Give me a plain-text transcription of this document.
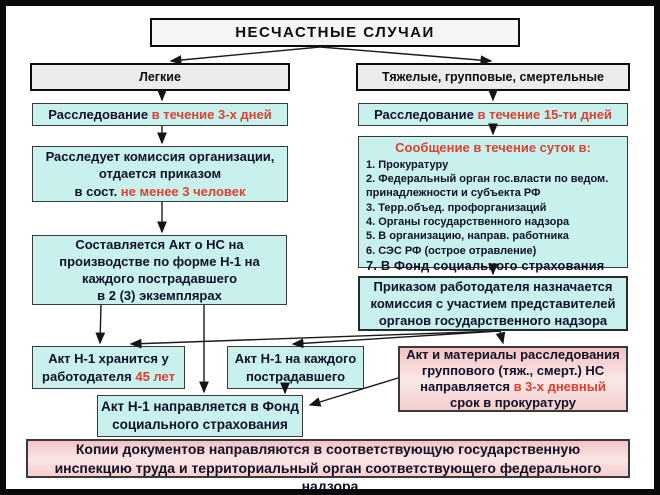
НЕСЧАСТНЫЕ СЛУЧАИ
Легкие	Тяжелые, групповые, смертельные
Расследование в течение 3-х дней	Расследование в течение 15-ти дней
Расследует комиссия организации,
отдается приказом
в сост. не менее 3 человек
Сообщение в течение суток в:
1. Прокуратуру
2. Федеральный орган гос.власти по ведом. принадлежности и субъекта РФ
3. Терр.объед. профорганизаций
4. Органы государственного надзора
5. В организацию, направ. работника
6. СЭС РФ (острое отравление)
7. В Фонд социального страхования
Составляется Акт о НС на
производстве по форме Н-1 на
каждого пострадавшего
в 2 (3) экземплярах
Приказом работодателя назначается
комиссия с участием представителей
органов государственного надзора
Акт Н-1 хранится у
работодателя 45 лет
Акт Н-1 на каждого
пострадавшего
Акт и материалы расследования
группового (тяж., смерт.) НС
направляется в 3-х дневный
срок в прокуратуру
Акт Н-1 направляется в Фонд
социального страхования
Копии документов направляются в соответствующую государственную
инспекцию труда и территориальный орган соответствующего федерального
надзора
